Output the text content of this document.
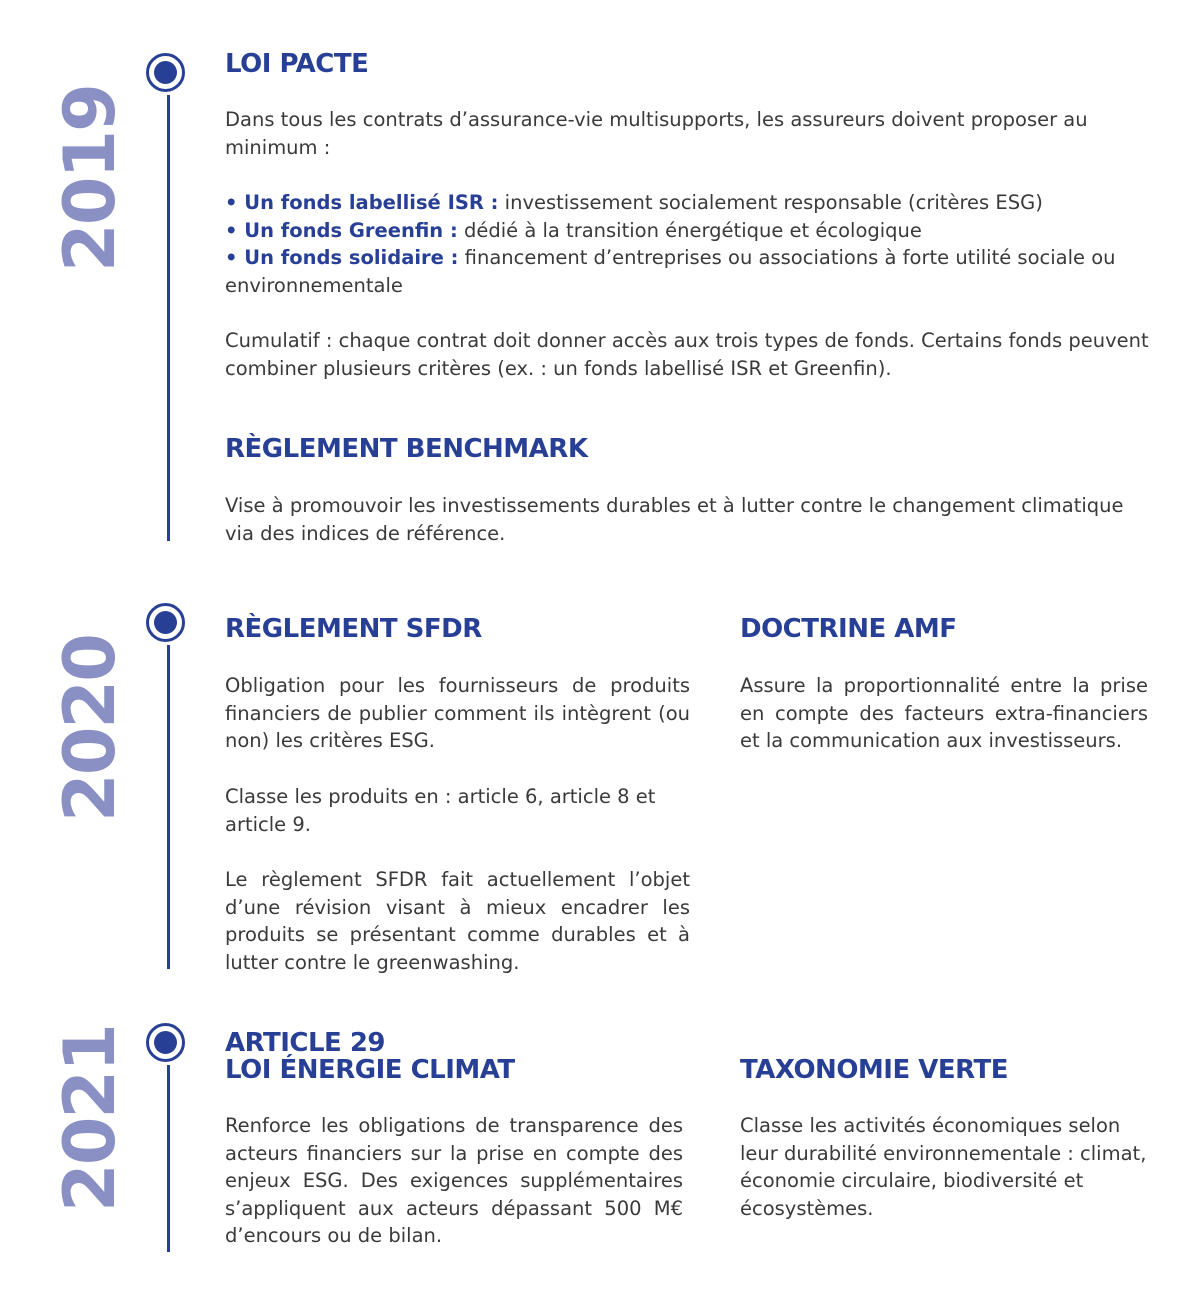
2019
LOI PACTE

Dans tous les contrats d’assurance-vie multisupports, les assureurs doivent proposer au minimum :

• Un fonds labellisé ISR : investissement socialement responsable (critères ESG)
• Un fonds Greenfin : dédié à la transition énergétique et écologique
• Un fonds solidaire : financement d’entreprises ou associations à forte utilité sociale ou environnementale

Cumulatif : chaque contrat doit donner accès aux trois types de fonds. Certains fonds peuvent combiner plusieurs critères (ex. : un fonds labellisé ISR et Greenfin).

RÈGLEMENT BENCHMARK

Vise à promouvoir les investissements durables et à lutter contre le changement climatique via des indices de référence.

2020
RÈGLEMENT SFDR

Obligation pour les fournisseurs de produits financiers de publier comment ils intègrent (ou non) les critères ESG.

Classe les produits en : article 6, article 8 et article 9.

Le règlement SFDR fait actuellement l’objet d’une révision visant à mieux encadrer les produits se présentant comme durables et à lutter contre le greenwashing.

DOCTRINE AMF

Assure la proportionnalité entre la prise en compte des facteurs extra-financiers et la communication aux investisseurs.

2021	ARTICLE 29
LOI ÉNERGIE CLIMAT

Renforce les obligations de transparence des acteurs financiers sur la prise en compte des enjeux ESG. Des exigences supplémentaires s’appliquent aux acteurs dépassant 500 M€ d’encours ou de bilan.

TAXONOMIE VERTE

Classe les activités économiques selon leur durabilité environnementale : climat, économie circulaire, biodiversité et écosystèmes.
